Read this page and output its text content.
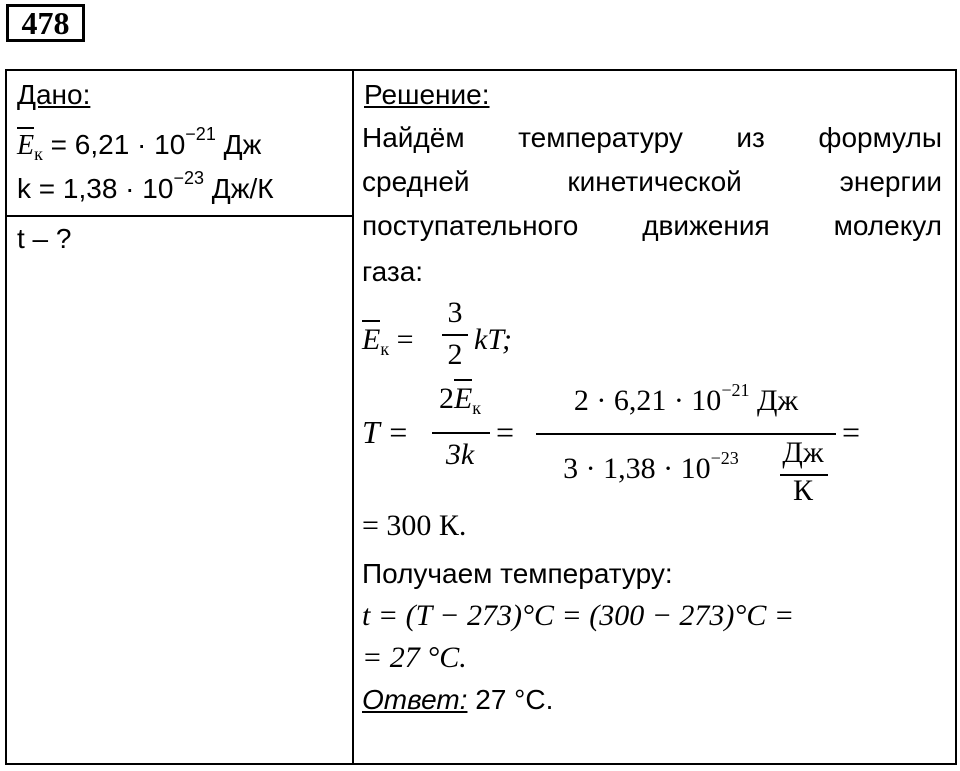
478
Дано:
$E_к = 6,21 \cdot 10^{-21}$ Дж
$k = 1,38 \cdot 10^{-23}$ Дж/К
t – ?
Решение:
Найдём температуру из формулы
средней кинетической энергии
поступательного движения молекул
газа:
$E_к$ =
3
2 kT;
T =
$2E_к$
3k
=
$2 \cdot 6,21 \cdot 10^{-21}$ Дж
$3 \cdot 1,38 \cdot 10^{-23}$	Дж
К
=
= 300 К.
Получаем температуру:
t = (T − 273)°C = (300 − 273)°C =
= 27 °C.
Ответ: 27 °С.
